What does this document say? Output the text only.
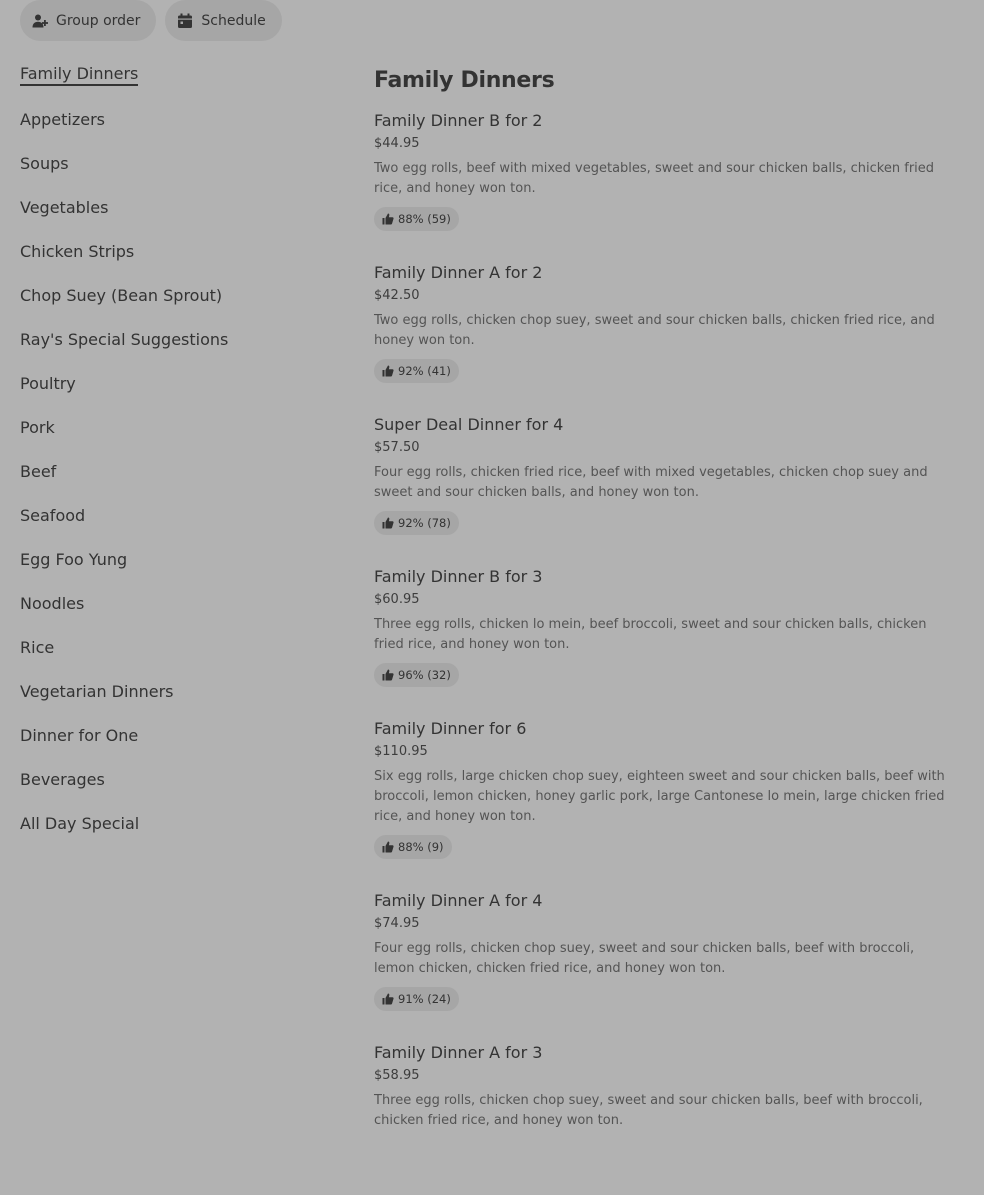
Group order	Schedule
Family Dinners
Appetizers
Soups
Vegetables
Chicken Strips
Chop Suey (Bean Sprout)
Ray's Special Suggestions
Poultry
Pork
Beef
Seafood
Egg Foo Yung
Noodles
Rice
Vegetarian Dinners
Dinner for One
Beverages
All Day Special
Family Dinners
Family Dinner B for 2
$44.95
Two egg rolls, beef with mixed vegetables, sweet and sour chicken balls, chicken fried rice, and honey won ton.
88% (59)
Family Dinner A for 2
$42.50
Two egg rolls, chicken chop suey, sweet and sour chicken balls, chicken fried rice, and honey won ton.
92% (41)
Super Deal Dinner for 4
$57.50
Four egg rolls, chicken fried rice, beef with mixed vegetables, chicken chop suey and sweet and sour chicken balls, and honey won ton.
92% (78)
Family Dinner B for 3
$60.95
Three egg rolls, chicken lo mein, beef broccoli, sweet and sour chicken balls, chicken fried rice, and honey won ton.
96% (32)
Family Dinner for 6
$110.95
Six egg rolls, large chicken chop suey, eighteen sweet and sour chicken balls, beef with broccoli, lemon chicken, honey garlic pork, large Cantonese lo mein, large chicken fried rice, and honey won ton.
88% (9)
Family Dinner A for 4
$74.95
Four egg rolls, chicken chop suey, sweet and sour chicken balls, beef with broccoli, lemon chicken, chicken fried rice, and honey won ton.
91% (24)
Family Dinner A for 3
$58.95
Three egg rolls, chicken chop suey, sweet and sour chicken balls, beef with broccoli, chicken fried rice, and honey won ton.
